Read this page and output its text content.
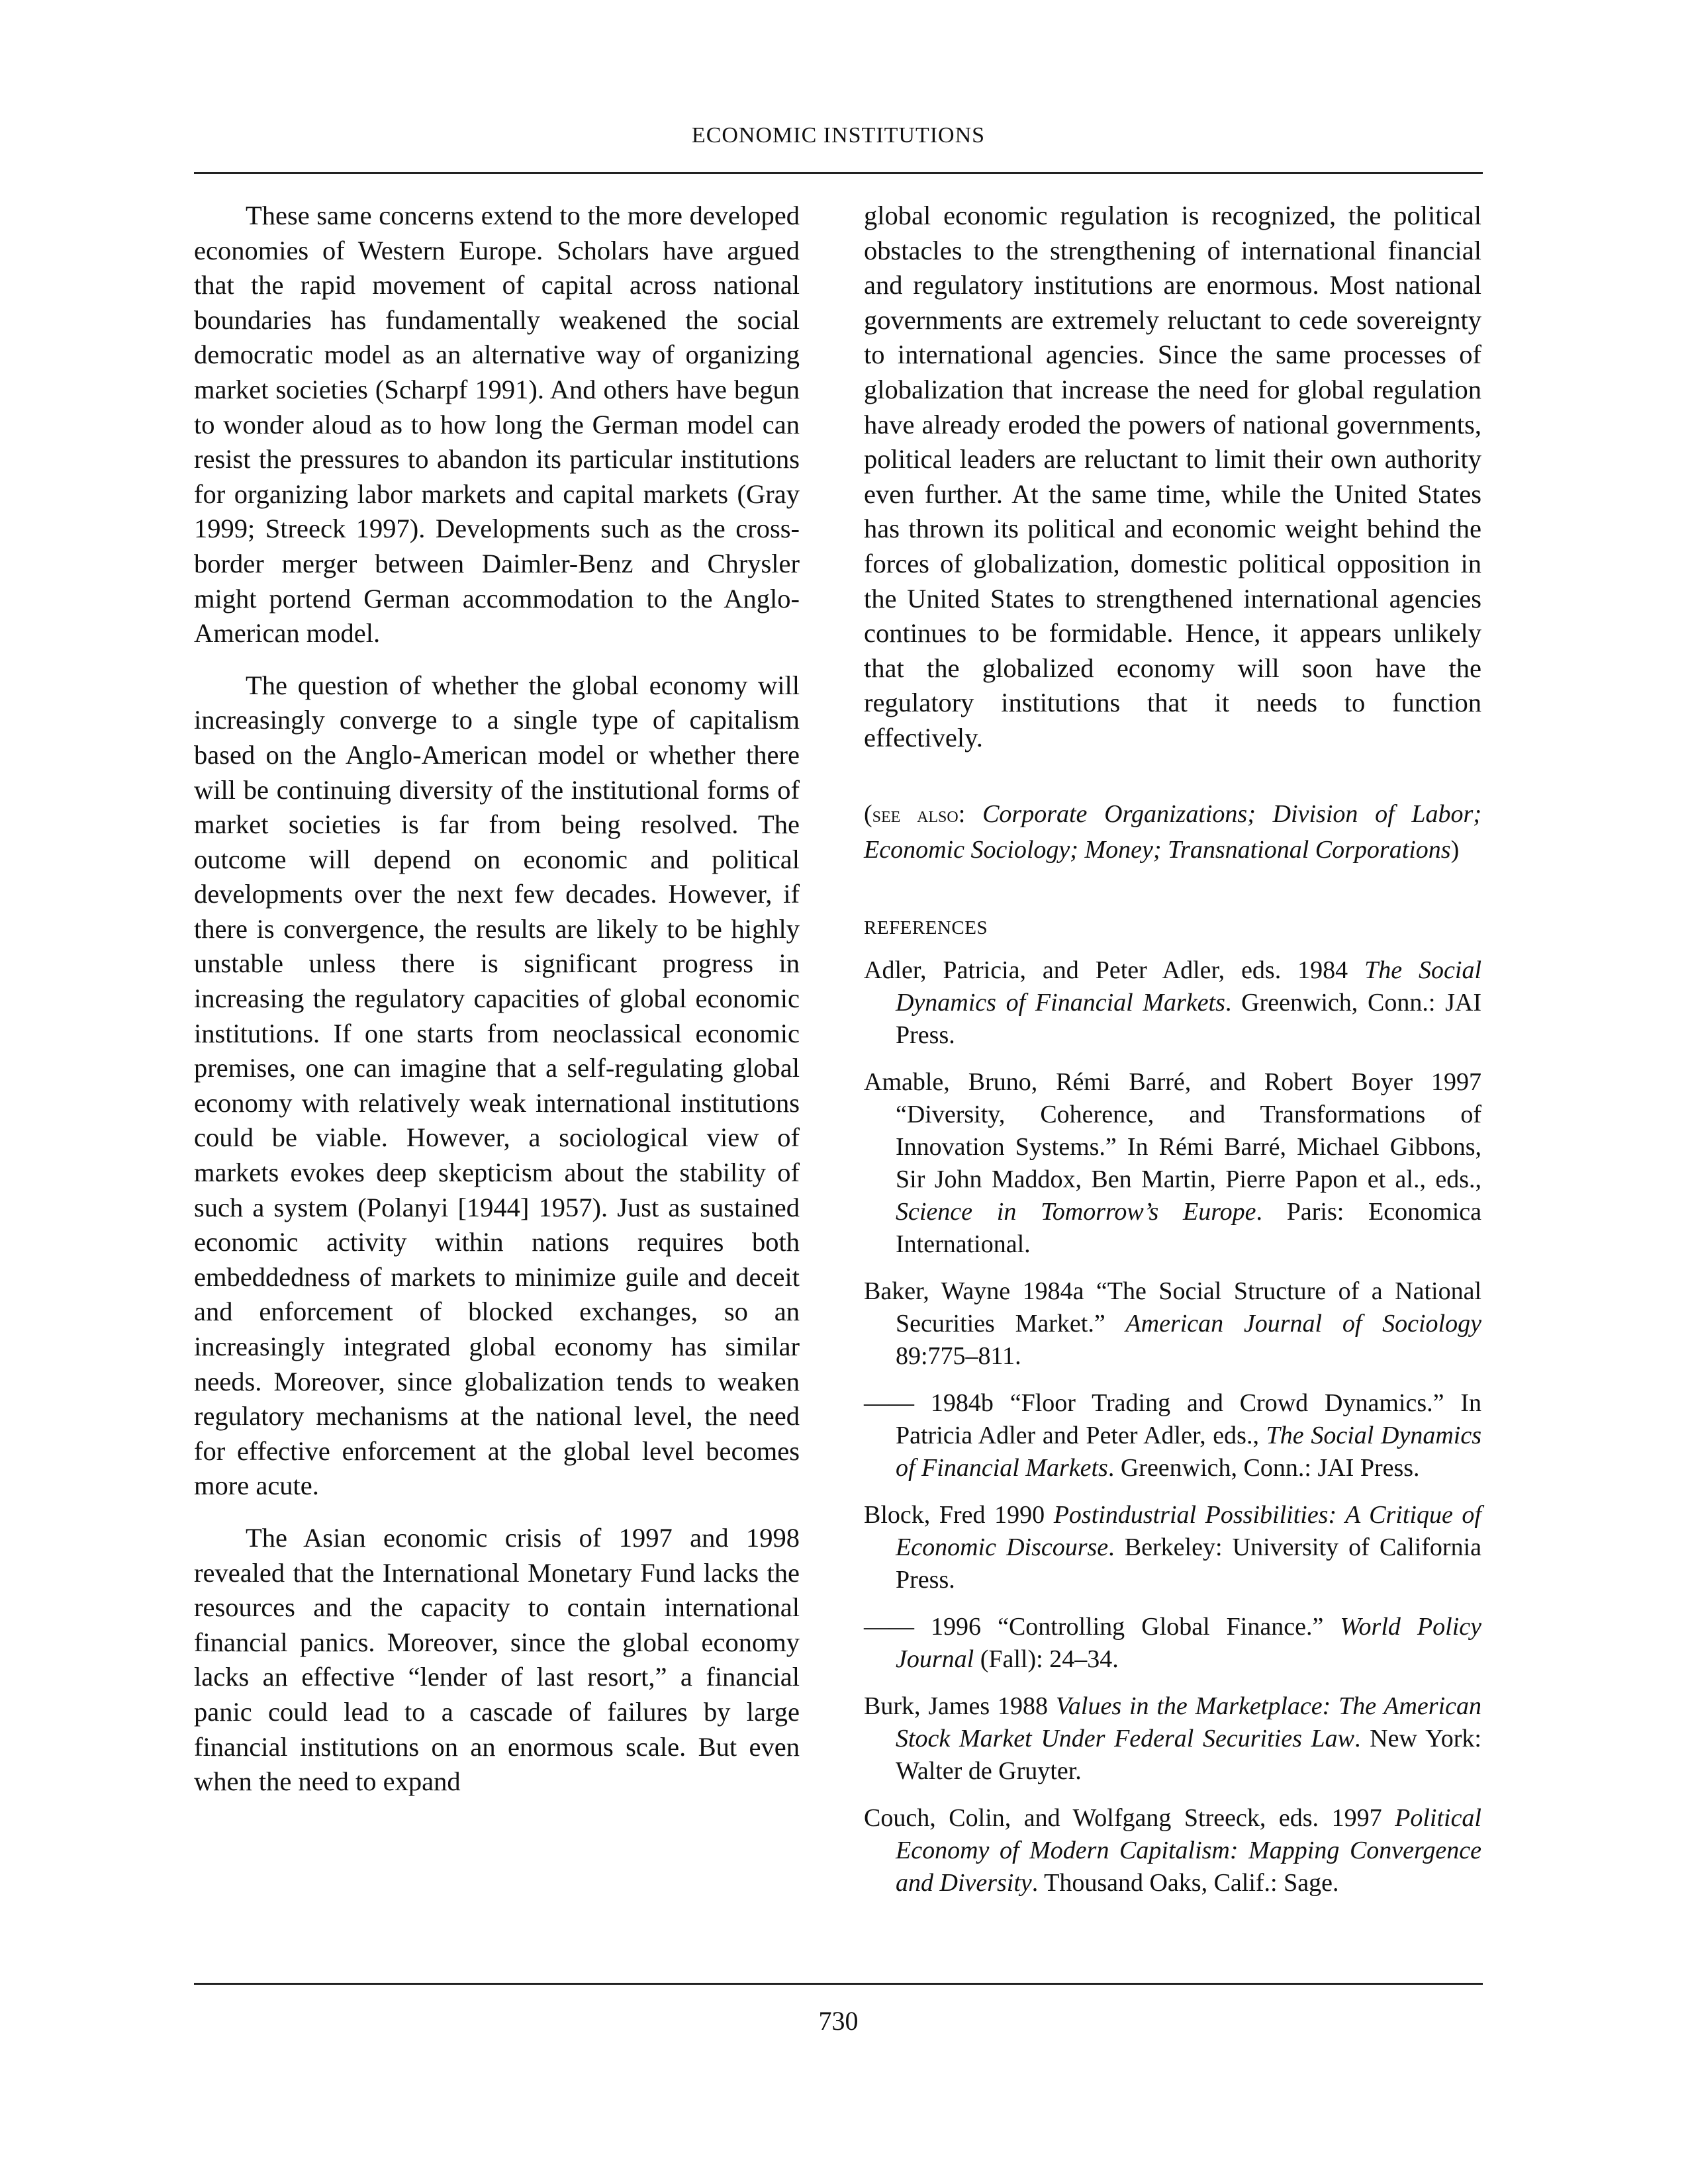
ECONOMIC INSTITUTIONS

These same concerns extend to the more developed economies of Western Europe. Scholars have argued that the rapid movement of capital across national boundaries has fundamentally weakened the social democratic model as an alternative way of organizing market societies (Scharpf 1991). And others have begun to wonder aloud as to how long the German model can resist the pressures to abandon its particular institutions for organizing labor markets and capital markets (Gray 1999; Streeck 1997). Developments such as the cross-border merger between Daimler-Benz and Chrysler might portend German accommodation to the Anglo-American model.

The question of whether the global economy will increasingly converge to a single type of capitalism based on the Anglo-American model or whether there will be continuing diversity of the institutional forms of market societies is far from being resolved. The outcome will depend on economic and political developments over the next few decades. However, if there is convergence, the results are likely to be highly unstable unless there is significant progress in increasing the regulatory capacities of global economic institutions. If one starts from neoclassical economic premises, one can imagine that a self-regulating global economy with relatively weak international institutions could be viable. However, a sociological view of markets evokes deep skepticism about the stability of such a system (Polanyi [1944] 1957). Just as sustained economic activity within nations requires both embeddedness of markets to minimize guile and deceit and enforcement of blocked exchanges, so an increasingly integrated global economy has similar needs. Moreover, since globalization tends to weaken regulatory mechanisms at the national level, the need for effective enforcement at the global level becomes more acute.

The Asian economic crisis of 1997 and 1998 revealed that the International Monetary Fund lacks the resources and the capacity to contain international financial panics. Moreover, since the global economy lacks an effective “lender of last resort,” a financial panic could lead to a cascade of failures by large financial institutions on an enormous scale. But even when the need to expand

global economic regulation is recognized, the political obstacles to the strengthening of international financial and regulatory institutions are enormous. Most national governments are extremely reluctant to cede sovereignty to international agencies. Since the same processes of globalization that increase the need for global regulation have already eroded the powers of national governments, political leaders are reluctant to limit their own authority even further. At the same time, while the United States has thrown its political and economic weight behind the forces of globalization, domestic political opposition in the United States to strengthened international agencies continues to be formidable. Hence, it appears unlikely that the globalized economy will soon have the regulatory institutions that it needs to function effectively.

(see also: Corporate Organizations; Division of Labor; Economic Sociology; Money; Transnational Corporations)

REFERENCES

Adler, Patricia, and Peter Adler, eds. 1984 The Social Dynamics of Financial Markets. Greenwich, Conn.: JAI Press.

Amable, Bruno, Rémi Barré, and Robert Boyer 1997 “Diversity, Coherence, and Transformations of Innovation Systems.” In Rémi Barré, Michael Gibbons, Sir John Maddox, Ben Martin, Pierre Papon et al., eds., Science in Tomorrow’s Europe. Paris: Economica International.

Baker, Wayne 1984a “The Social Structure of a National Securities Market.” American Journal of Sociology 89:775–811.

—— 1984b “Floor Trading and Crowd Dynamics.” In Patricia Adler and Peter Adler, eds., The Social Dynamics of Financial Markets. Greenwich, Conn.: JAI Press.

Block, Fred 1990 Postindustrial Possibilities: A Critique of Economic Discourse. Berkeley: University of California Press.

—— 1996 “Controlling Global Finance.” World Policy Journal (Fall): 24–34.

Burk, James 1988 Values in the Marketplace: The American Stock Market Under Federal Securities Law. New York: Walter de Gruyter.

Couch, Colin, and Wolfgang Streeck, eds. 1997 Political Economy of Modern Capitalism: Mapping Convergence and Diversity. Thousand Oaks, Calif.: Sage.

730
